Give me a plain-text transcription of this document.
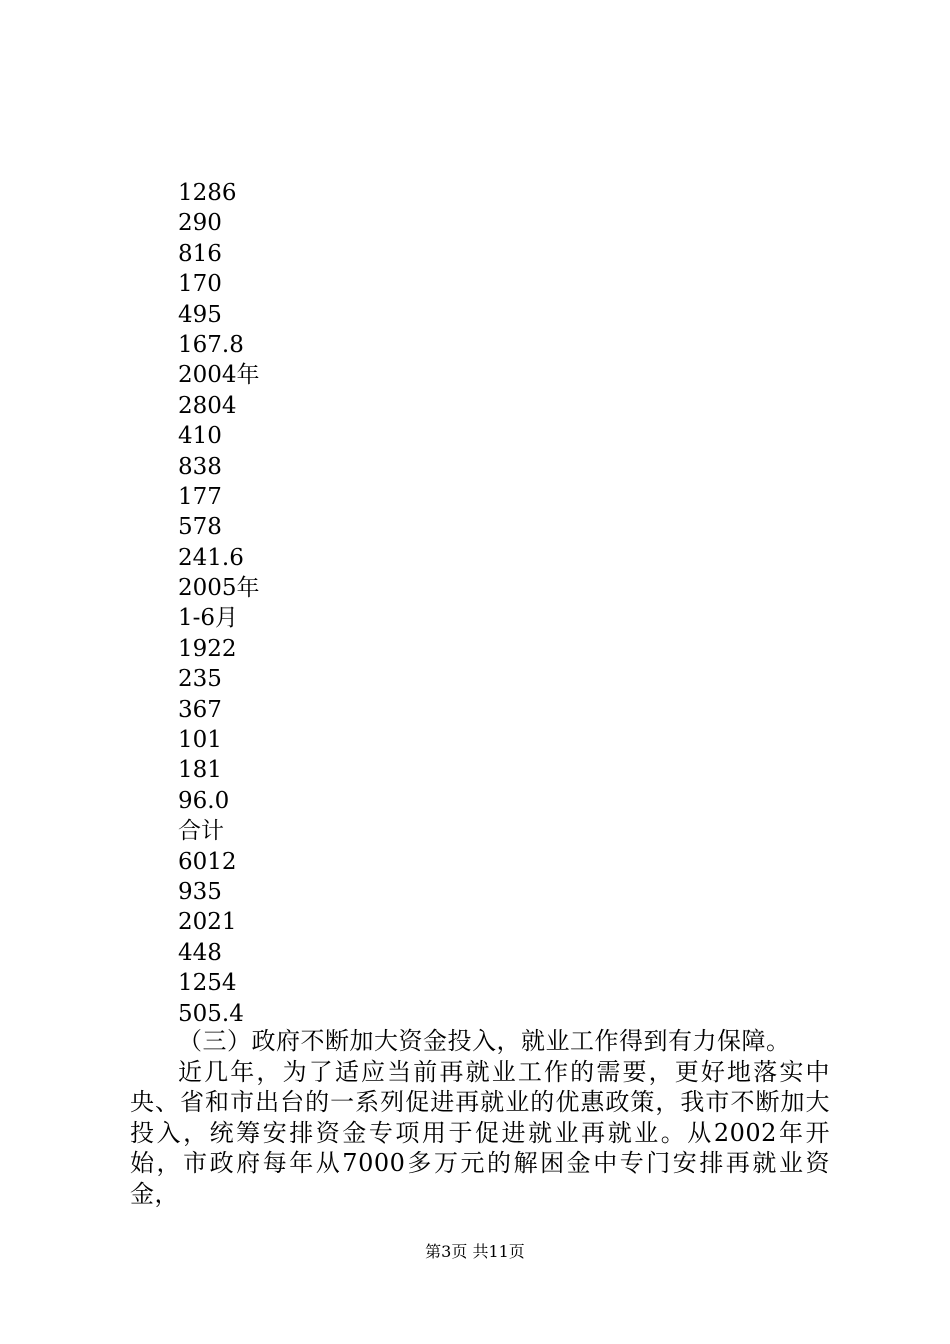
1286
290
816
170
495
167.8
2004年
2804
410
838
177
578
241.6
2005年
1-6月
1922
235
367
101
181
96.0
合计
6012
935
2021
448
1254
505.4

（三）政府不断加大资金投入，就业工作得到有力保障。

近几年，为了适应当前再就业工作的需要，更好地落实中央、省和市出台的一系列促进再就业的优惠政策，我市不断加大投入，统筹安排资金专项用于促进就业再就业。从2002年开始，市政府每年从7000多万元的解困金中专门安排再就业资金，

第3页 共11页
